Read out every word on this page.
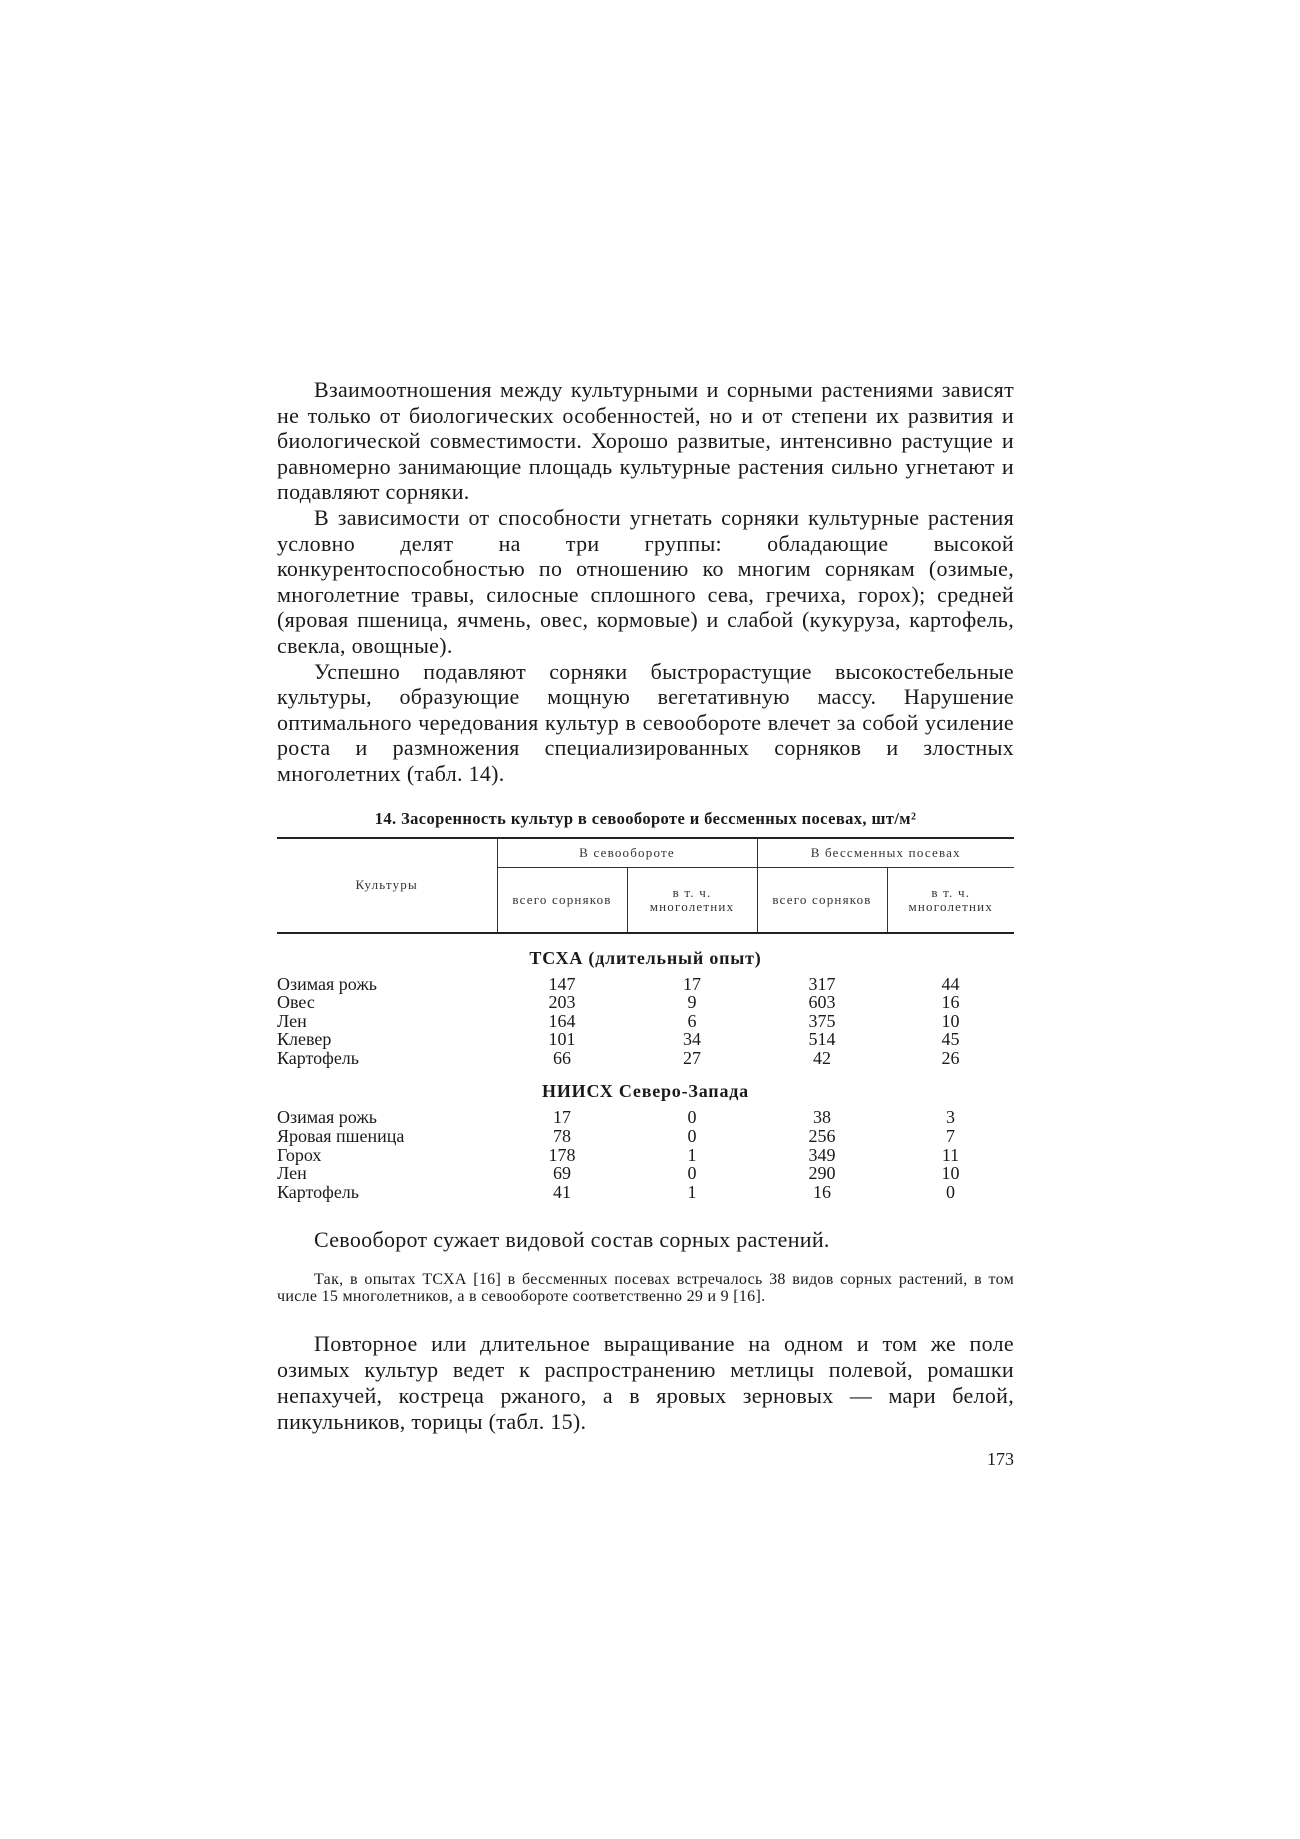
Взаимоотношения между культурными и сорными растениями зависят не только от биологических особенностей, но и от степени их развития и биологической совместимости. Хорошо развитые, интенсивно растущие и равномерно занимающие площадь культурные растения сильно угнетают и подавляют сорняки.

В зависимости от способности угнетать сорняки культурные растения условно делят на три группы: обладающие высокой конкурентоспособностью по отношению ко многим сорнякам (озимые, многолетние травы, силосные сплошного сева, гречиха, горох); средней (яровая пшеница, ячмень, овес, кормовые) и слабой (кукуруза, картофель, свекла, овощные).

Успешно подавляют сорняки быстрорастущие высокостебельные культуры, образующие мощную вегетативную массу. Нарушение оптимального чередования культур в севообороте влечет за собой усиление роста и размножения специализированных сорняков и злостных многолетних (табл. 14).

14. Засоренность культур в севообороте и бессменных посевах, шт/м²
Культуры	В севообороте		В бессменных посевах	
	всего сорняков	в т. ч. многолетних	всего сорняков	в т. ч. многолетних

ТСХА (длительный опыт)				
Озимая рожь	147	17	317	44
Овес	203	9	603	16
Лен	164	6	375	10
Клевер	101	34	514	45
Картофель	66	27	42	26
НИИСХ Северо-Запада				
Озимая рожь	17	0	38	3
Яровая пшеница	78	0	256	7
Горох	178	1	349	11
Лен	69	0	290	10
Картофель	41	1	16	0
Севооборот сужает видовой состав сорных растений.
Так, в опытах ТСХА [16] в бессменных посевах встречалось 38 видов сорных растений, в том числе 15 многолетников, а в севообороте соответственно 29 и 9 [16].
Повторное или длительное выращивание на одном и том же поле озимых культур ведет к распространению метлицы полевой, ромашки непахучей, костреца ржаного, а в яровых зерновых — мари белой, пикульников, торицы (табл. 15).
173
